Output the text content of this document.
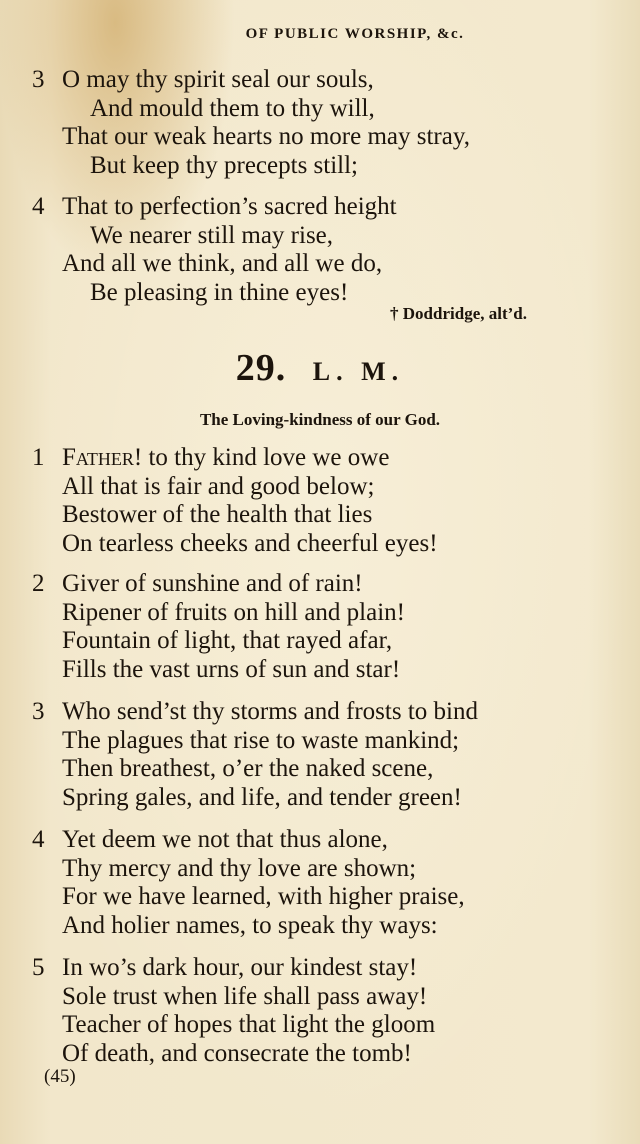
OF PUBLIC WORSHIP, &c.
3 O may thy spirit seal our souls,
And mould them to thy will,
That our weak hearts no more may stray,
But keep thy precepts still;
4 That to perfection’s sacred height
We nearer still may rise,
And all we think, and all we do,
Be pleasing in thine eyes!
† Doddridge, alt’d.
29. L. M.
The Loving-kindness of our God.
1 Father! to thy kind love we owe
All that is fair and good below;
Bestower of the health that lies
On tearless cheeks and cheerful eyes!
2 Giver of sunshine and of rain!
Ripener of fruits on hill and plain!
Fountain of light, that rayed afar,
Fills the vast urns of sun and star!
3 Who send’st thy storms and frosts to bind
The plagues that rise to waste mankind;
Then breathest, o’er the naked scene,
Spring gales, and life, and tender green!
4 Yet deem we not that thus alone,
Thy mercy and thy love are shown;
For we have learned, with higher praise,
And holier names, to speak thy ways:
5 In wo’s dark hour, our kindest stay!
Sole trust when life shall pass away!
Teacher of hopes that light the gloom
Of death, and consecrate the tomb!
(45)
